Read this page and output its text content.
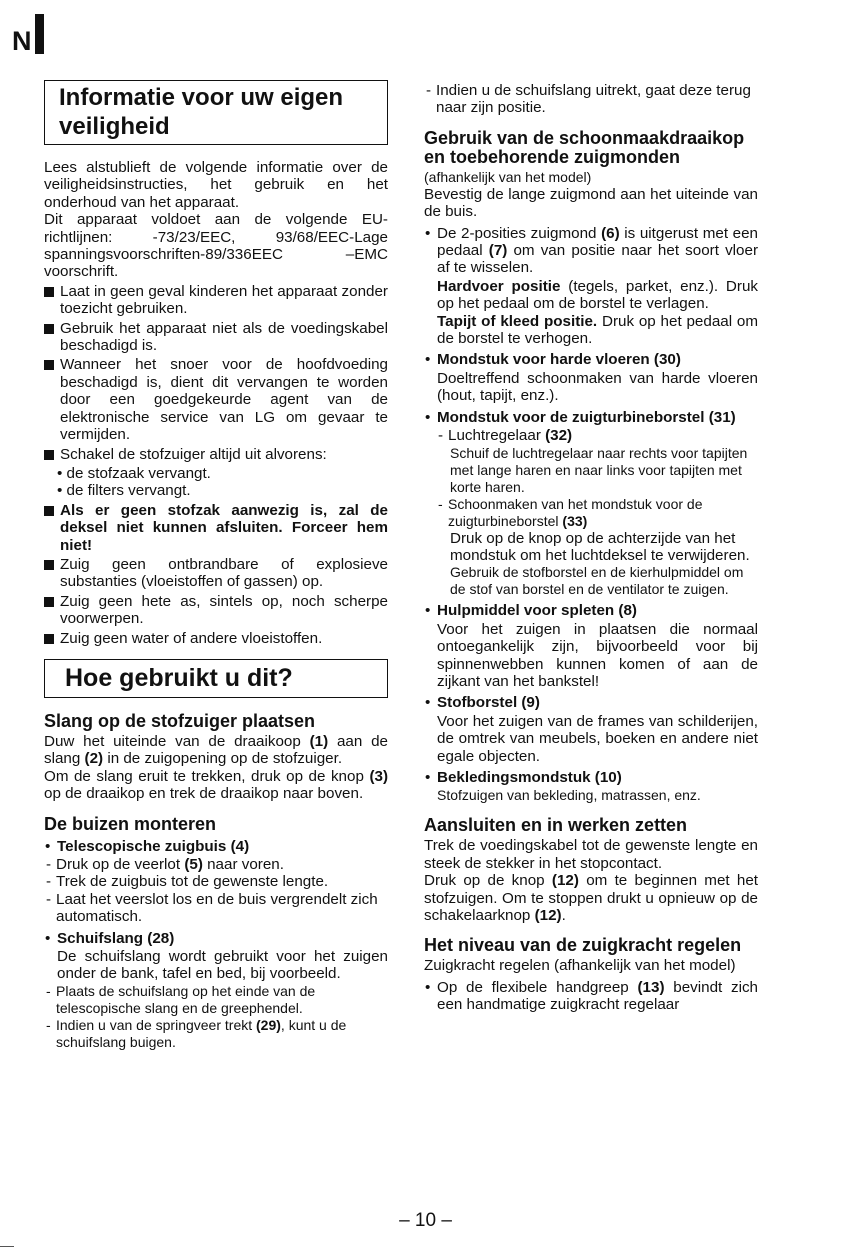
N
Informatie voor uw eigen veiligheid

Lees alstublieft de volgende informatie over de veiligheidsinstructies, het gebruik en het onderhoud van het apparaat.

Dit apparaat voldoet aan de volgende EU-richtlijnen: -73/23/EEC, 93/68/EEC-Lage spanningsvoorschriften-89/336EEC –EMC voorschrift.

Laat in geen geval kinderen het apparaat zonder toezicht gebruiken.
Gebruik het apparaat niet als de voedingskabel beschadigd is.
Wanneer het snoer voor de hoofdvoeding beschadigd is, dient dit vervangen te worden door een goedgekeurde agent van de elektronische service van LG om gevaar te vermijden.
Schakel de stofzuiger altijd uit alvorens:
• de stofzaak vervangt.
• de filters vervangt.
Als er geen stofzak aanwezig is, zal de deksel niet kunnen afsluiten. Forceer hem niet!
Zuig geen ontbrandbare of explosieve substanties (vloeistoffen of gassen) op.
Zuig geen hete as, sintels op, noch scherpe voorwerpen.
Zuig geen water of andere vloeistoffen.
Hoe gebruikt u dit?
Slang op de stofzuiger plaatsen

Duw het uiteinde van de draaikoop (1) aan de slang (2) in de zuigopening op de stofzuiger.

Om de slang eruit te trekken, druk op de knop (3) op de draaikop en trek de draaikop naar boven.

De buizen monteren
• Telescopische zuigbuis (4)
- Druk op de veerlot (5) naar voren.
- Trek de zuigbuis tot de gewenste lengte.
- Laat het veerslot los en de buis vergrendelt zich automatisch.
• Schuifslang (28)
De schuifslang wordt gebruikt voor het zuigen onder de bank, tafel en bed, bij voorbeeld.
- Plaats de schuifslang op het einde van de telescopische slang en de greephendel.
- Indien u van de springveer trekt (29), kunt u de schuifslang buigen.
- Indien u de schuifslang uitrekt, gaat deze terug naar zijn positie.
Gebruik van de schoonmaakdraaikop en toebehorende zuigmonden
(afhankelijk van het model)

Bevestig de lange zuigmond aan het uiteinde van de buis.

• De 2-posities zuigmond (6) is uitgerust met een pedaal (7) om van positie naar het soort vloer af te wisselen.
Hardvoer positie (tegels, parket, enz.). Druk op het pedaal om de borstel te verlagen.
Tapijt of kleed positie. Druk op het pedaal om de borstel te verhogen.
• Mondstuk voor harde vloeren (30)
Doeltreffend schoonmaken van harde vloeren (hout, tapijt, enz.).
• Mondstuk voor de zuigturbineborstel (31)
- Luchtregelaar (32)
Schuif de luchtregelaar naar rechts voor tapijten met lange haren en naar links voor tapijten met korte haren.
- Schoonmaken van het mondstuk voor de zuigturbineborstel (33)
Druk op de knop op de achterzijde van het mondstuk om het luchtdeksel te verwijderen.
Gebruik de stofborstel en de kierhulpmiddel om de stof van borstel en de ventilator te zuigen.
• Hulpmiddel voor spleten (8)
Voor het zuigen in plaatsen die normaal ontoegankelijk zijn, bijvoorbeeld voor bij spinnenwebben kunnen komen of aan de zijkant van het bankstel!
• Stofborstel (9)
Voor het zuigen van de frames van schilderijen, de omtrek van meubels, boeken en andere niet egale objecten.
• Bekledingsmondstuk (10)
Stofzuigen van bekleding, matrassen, enz.
Aansluiten en in werken zetten

Trek de voedingskabel tot de gewenste lengte en steek de stekker in het stopcontact.

Druk op de knop (12) om te beginnen met het stofzuigen. Om te stoppen drukt u opnieuw op de schakelaarknop (12).

Het niveau van de zuigkracht regelen

Zuigkracht regelen (afhankelijk van het model)

• Op de flexibele handgreep (13) bevindt zich een handmatige zuigkracht regelaar
– 10 –
